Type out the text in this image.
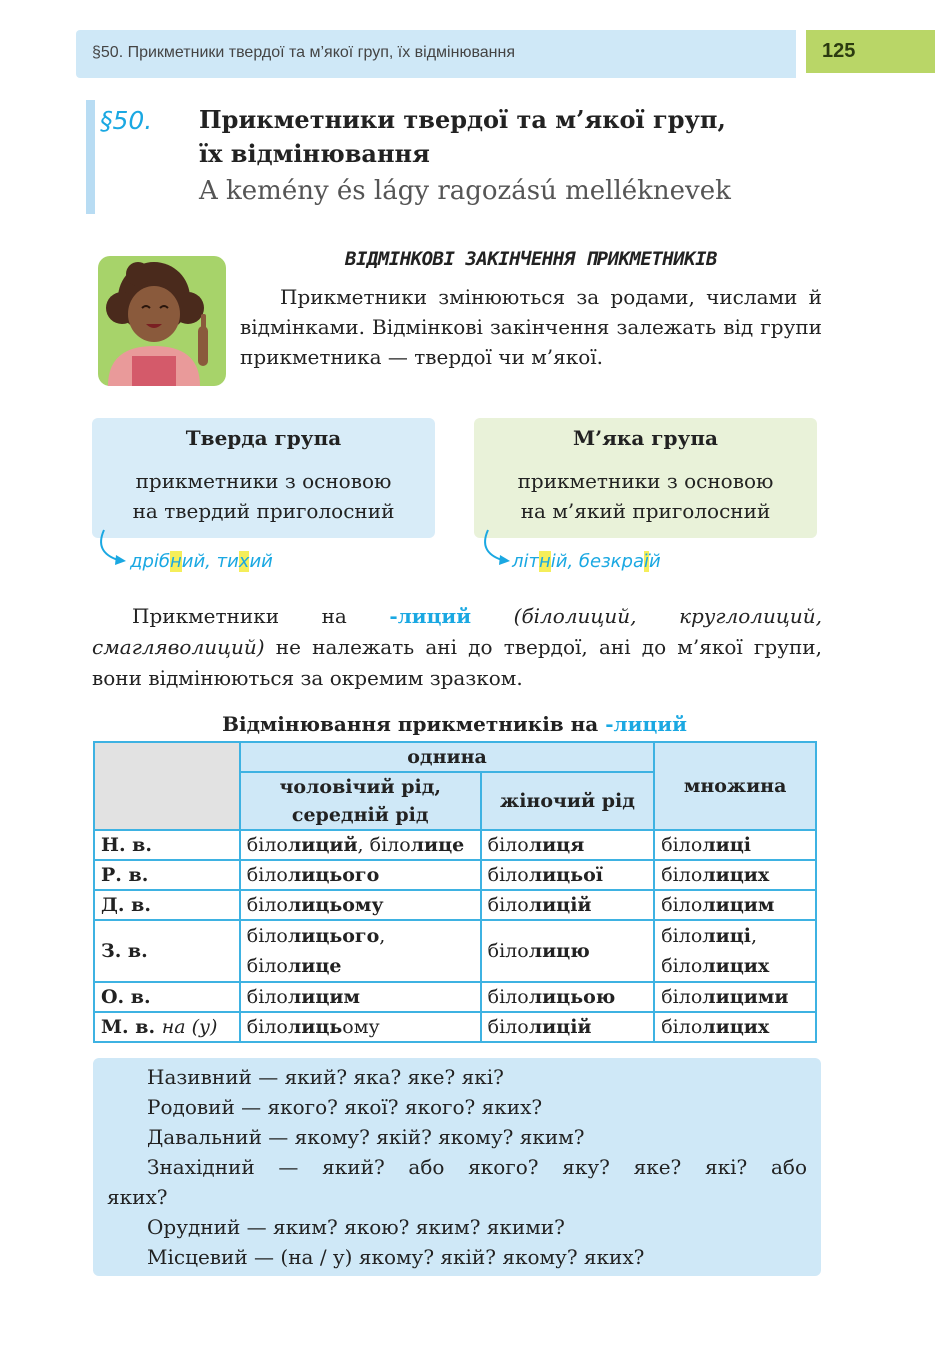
§50. Прикметники твердої та м’якої груп, їх відмінювання	125
§50. Прикметники твердої та м’якої груп,
їх відмінювання
A kemény és lágy ragozású melléknevek
ВІДМІНКОВІ ЗАКІНЧЕННЯ ПРИКМЕТНИКІВ
Прикметники змінюються за родами, числами й відмінками. Відмінкові закінчення залежать від групи прикметника — твердої чи м’якої.
Тверда група
прикметники з основою
на твердий приголосний
М’яка група
прикметники з основою
на м’який приголосний
дрібний, тихий	літній, безкраїй
Прикметники на -лиций (білолиций, круглолиций, смагляволиций) не належать ані до твердої, ані до м’якої групи, вони відмінюються за окремим зразком.
Відмінювання прикметників на -лиций
	однина		множина
	чоловічий рід,
середній рід	жіночий рід	
Н. в.	білолиций, білолице	білолиця	білолиці
Р. в.	білолицього	білолицьої	білолицих
Д. в.	білолицьому	білолицій	білолицим
З. в.	білолицього,
білолице	білолицю	білолиці,
білолицих
О. в.	білолицим	білолицьою	білолицими
М. в. на (у)	білолицьому	білолицій	білолицих
Називний — який? яка? яке? які?
Родовий — якого? якої? якого? яких?
Давальний — якому? якій? якому? яким?
Знахідний — який? або якого? яку? яке? які? або
яких?
Орудний — яким? якою? яким? якими?
Місцевий — (на / у) якому? якій? якому? яких?
